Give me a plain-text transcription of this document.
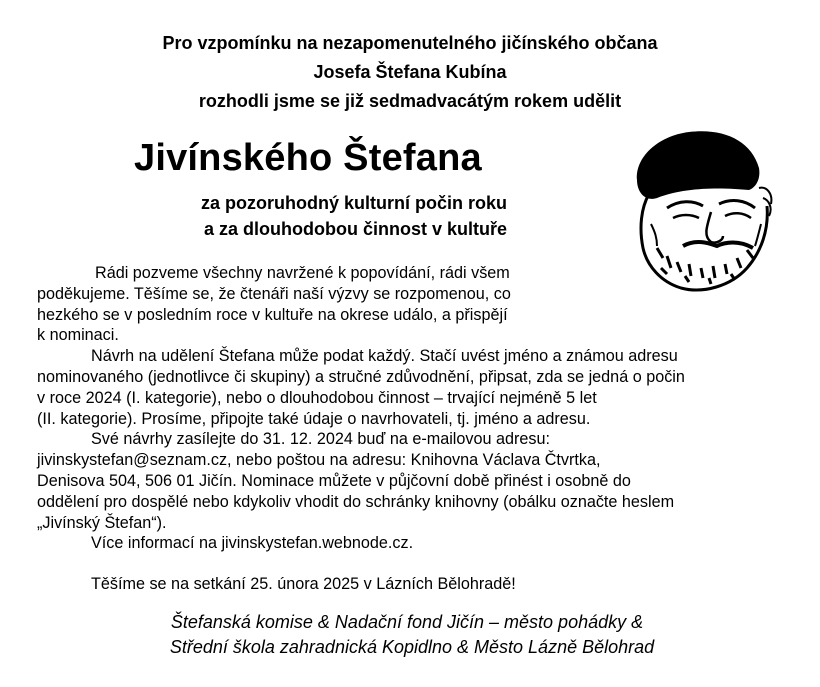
Pro vzpomínku na nezapomenutelného jičínského občana
Josefa Štefana Kubína
rozhodli jsme se již sedmadvacátým rokem udělit
Jivínského Štefana
za pozoruhodný kulturní počin roku
a za dlouhodobou činnost v kultuře

Rádi pozveme všechny navržené k popovídání, rádi všem

poděkujeme. Těšíme se, že čtenáři naší výzvy se rozpomenou, co

hezkého se v posledním roce v kultuře na okrese událo, a přispějí

k nominaci.

Návrh na udělení Štefana může podat každý. Stačí uvést jméno a známou adresu

nominovaného (jednotlivce či skupiny) a stručné zdůvodnění, připsat, zda se jedná o počin

v roce 2024 (I. kategorie), nebo o dlouhodobou činnost – trvající nejméně 5 let

(II. kategorie). Prosíme, připojte také údaje o navrhovateli, tj. jméno a adresu.

Své návrhy zasílejte do 31. 12. 2024 buď na e-mailovou adresu:

jivinskystefan@seznam.cz, nebo poštou na adresu: Knihovna Václava Čtvrtka,

Denisova 504, 506 01 Jičín. Nominace můžete v půjčovní době přinést i osobně do

oddělení pro dospělé nebo kdykoliv vhodit do schránky knihovny (obálku označte heslem

„Jivínský Štefan“).

Více informací na jivinskystefan.webnode.cz.

Těšíme se na setkání 25. února 2025 v Lázních Bělohradě!

Štefanská komise & Nadační fond Jičín – město pohádky &
Střední škola zahradnická Kopidlno & Město Lázně Bělohrad
